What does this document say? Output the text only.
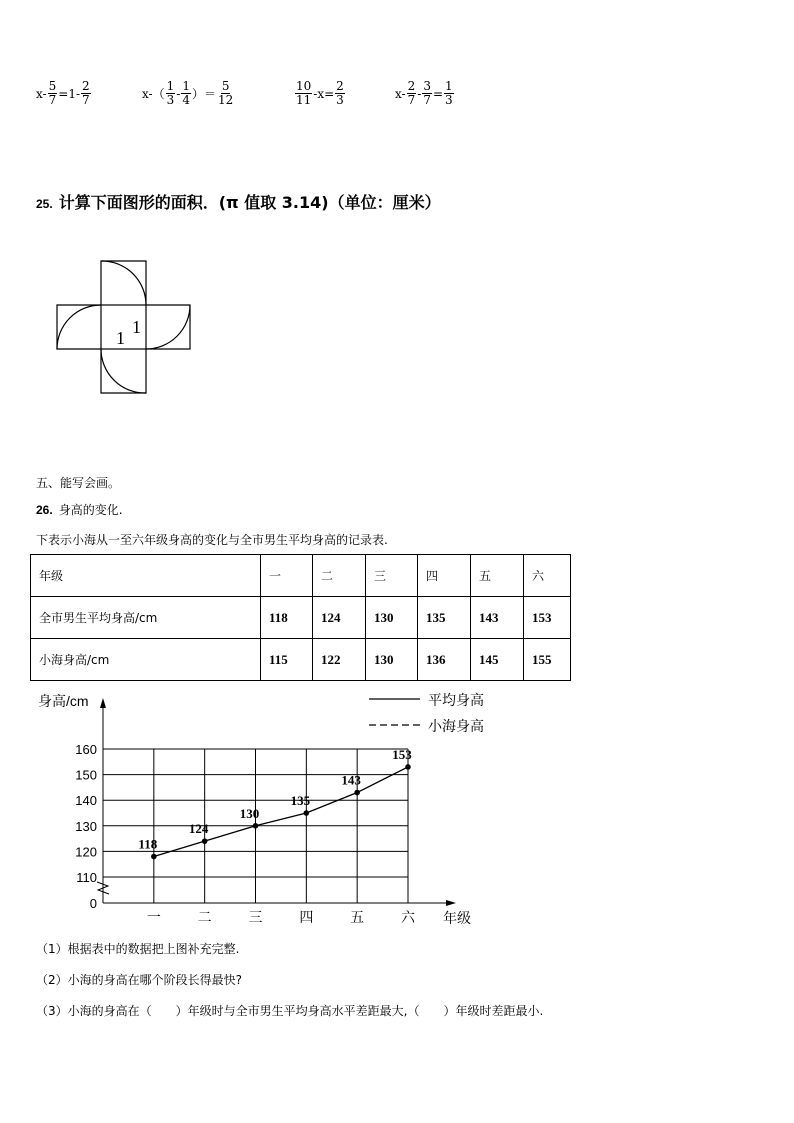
$x- \frac{5}{7} =1- \frac{2}{7}$	$x-( \frac{1}{3} - \frac{1}{4}$ ） ＝ $\frac{5}{12}$	$\frac{10}{11} -x= \frac{2}{3}$	$x- \frac{2}{7} - \frac{3}{7} = \frac{1}{3}$
25. 计算下面图形的面积．(π 值取 3.14)（单位：厘米）
1
1
五、能写会画。
26. 身高的变化.
下表示小海从一至六年级身高的变化与全市男生平均身高的记录表.
年级	一	二	三	四	五	六
全市男生平均身高/cm	118	124	130	135	143	153
小海身高/cm	115	122	130	136	145	155
身高/cm	平均身高
小海身高
0
110
120
130
140
150
160
一	二	三	四	五	六 年级
118
124
130
135
143
153
（1）根据表中的数据把上图补充完整.
（2）小海的身高在哪个阶段长得最快?
（3）小海的身高在（　　）年级时与全市男生平均身高水平差距最大,（　　）年级时差距最小.
